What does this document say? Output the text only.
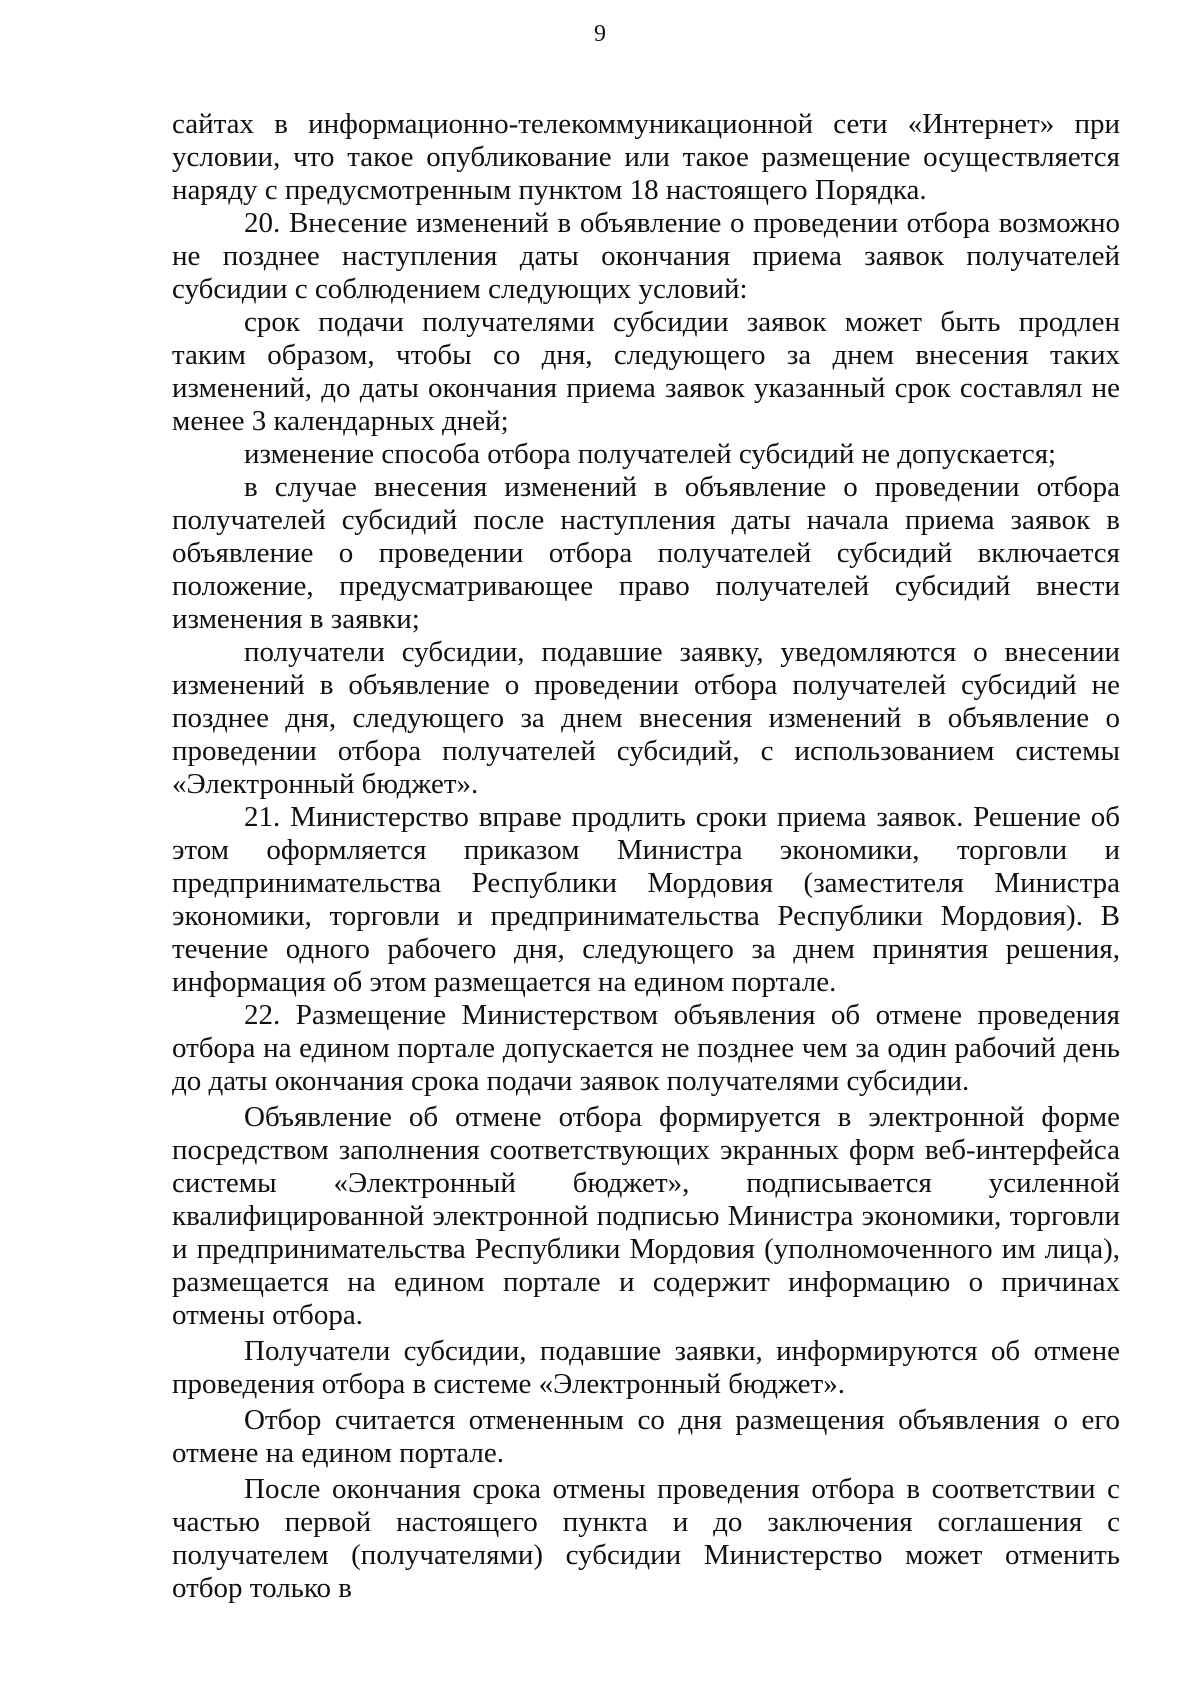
9

сайтах в информационно-телекоммуникационной сети «Интернет» при условии, что такое опубликование или такое размещение осуществляется наряду с предусмотренным пунктом 18 настоящего Порядка.

20. Внесение изменений в объявление о проведении отбора возможно не позднее наступления даты окончания приема заявок получателей субсидии с соблюдением следующих условий:

срок подачи получателями субсидии заявок может быть продлен таким образом, чтобы со дня, следующего за днем внесения таких изменений, до даты окончания приема заявок указанный срок составлял не менее 3 календарных дней;

изменение способа отбора получателей субсидий не допускается;

в случае внесения изменений в объявление о проведении отбора получателей субсидий после наступления даты начала приема заявок в объявление о проведении отбора получателей субсидий включается положение, предусматривающее право получателей субсидий внести изменения в заявки;

получатели субсидии, подавшие заявку, уведомляются о внесении изменений в объявление о проведении отбора получателей субсидий не позднее дня, следующего за днем внесения изменений в объявление о проведении отбора получателей субсидий, с использованием системы «Электронный бюджет».

21. Министерство вправе продлить сроки приема заявок. Решение об этом оформляется приказом Министра экономики, торговли и предпринимательства Республики Мордовия (заместителя Министра экономики, торговли и предпринимательства Республики Мордовия). В течение одного рабочего дня, следующего за днем принятия решения, информация об этом размещается на едином портале.

22. Размещение Министерством объявления об отмене проведения отбора на едином портале допускается не позднее чем за один рабочий день до даты окончания срока подачи заявок получателями субсидии.

Объявление об отмене отбора формируется в электронной форме посредством заполнения соответствующих экранных форм веб-интерфейса системы «Электронный бюджет», подписывается усиленной квалифицированной электронной подписью Министра экономики, торговли и предпринимательства Республики Мордовия (уполномоченного им лица), размещается на едином портале и содержит информацию о причинах отмены отбора.

Получатели субсидии, подавшие заявки, информируются об отмене проведения отбора в системе «Электронный бюджет».

Отбор считается отмененным со дня размещения объявления о его отмене на едином портале.

После окончания срока отмены проведения отбора в соответствии с частью первой настоящего пункта и до заключения соглашения с получателем (получателями) субсидии Министерство может отменить отбор только в
